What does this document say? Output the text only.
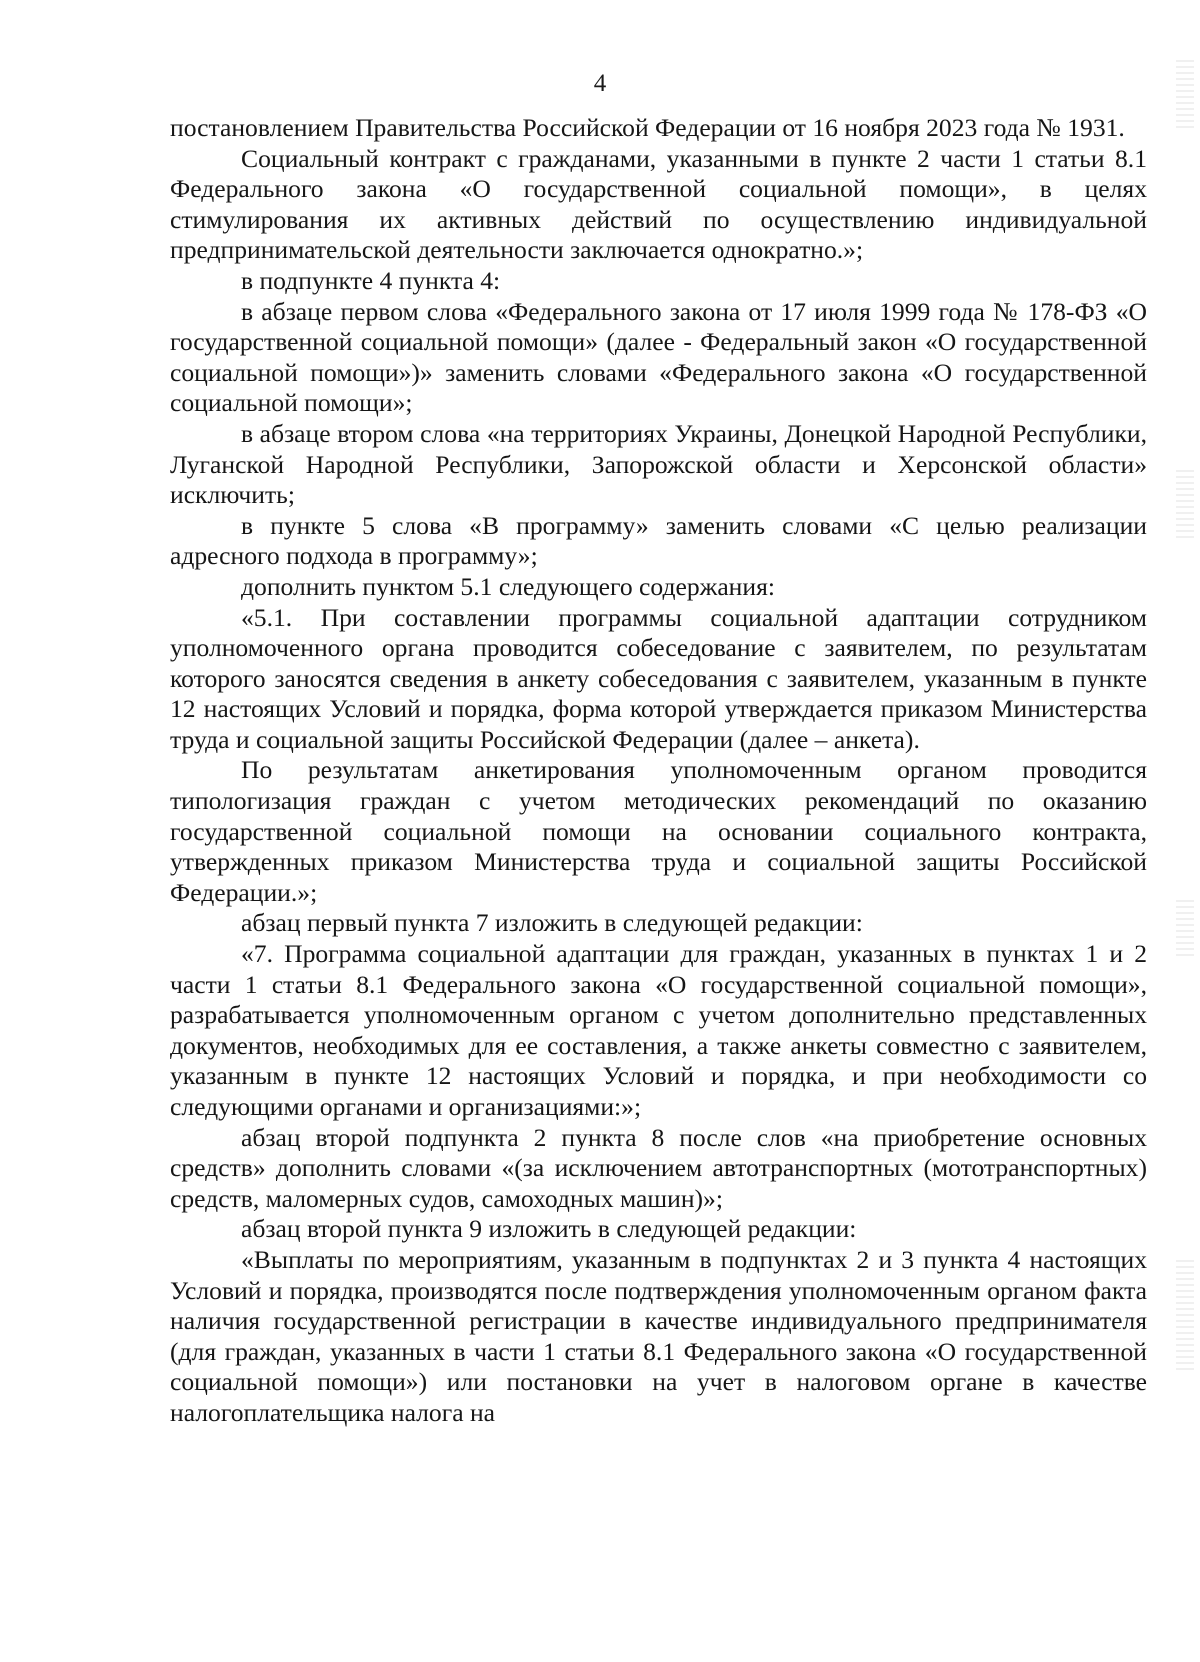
4

постановлением Правительства Российской Федерации от 16 ноября 2023 года № 1931.

Социальный контракт с гражданами, указанными в пункте 2 части 1 статьи 8.1 Федерального закона «О государственной социальной помощи», в целях стимулирования их активных действий по осуществлению индивидуальной предпринимательской деятельности заключается однократно.»;

в подпункте 4 пункта 4:

в абзаце первом слова «Федерального закона от 17 июля 1999 года № 178-ФЗ «О государственной социальной помощи» (далее - Федеральный закон «О государственной социальной помощи»)» заменить словами «Федерального закона «О государственной социальной помощи»;

в абзаце втором слова «на территориях Украины, Донецкой Народной Республики, Луганской Народной Республики, Запорожской области и Херсонской области» исключить;

в пункте 5 слова «В программу» заменить словами «С целью реализации адресного подхода в программу»;

дополнить пунктом 5.1 следующего содержания:

«5.1. При составлении программы социальной адаптации сотрудником уполномоченного органа проводится собеседование с заявителем, по результатам которого заносятся сведения в анкету собеседования с заявителем, указанным в пункте 12 настоящих Условий и порядка, форма которой утверждается приказом Министерства труда и социальной защиты Российской Федерации (далее – анкета).

По результатам анкетирования уполномоченным органом проводится типологизация граждан с учетом методических рекомендаций по оказанию государственной социальной помощи на основании социального контракта, утвержденных приказом Министерства труда и социальной защиты Российской Федерации.»;

абзац первый пункта 7 изложить в следующей редакции:

«7. Программа социальной адаптации для граждан, указанных в пунктах 1 и 2 части 1 статьи 8.1 Федерального закона «О государственной социальной помощи», разрабатывается уполномоченным органом с учетом дополнительно представленных документов, необходимых для ее составления, а также анкеты совместно с заявителем, указанным в пункте 12 настоящих Условий и порядка, и при необходимости со следующими органами и организациями:»;

абзац второй подпункта 2 пункта 8 после слов «на приобретение основных средств» дополнить словами «(за исключением автотранспортных (мототранспортных) средств, маломерных судов, самоходных машин)»;

абзац второй пункта 9 изложить в следующей редакции:

«Выплаты по мероприятиям, указанным в подпунктах 2 и 3 пункта 4 настоящих Условий и порядка, производятся после подтверждения уполномоченным органом факта наличия государственной регистрации в качестве индивидуального предпринимателя (для граждан, указанных в части 1 статьи 8.1 Федерального закона «О государственной социальной помощи») или постановки на учет в налоговом органе в качестве налогоплательщика налога на
